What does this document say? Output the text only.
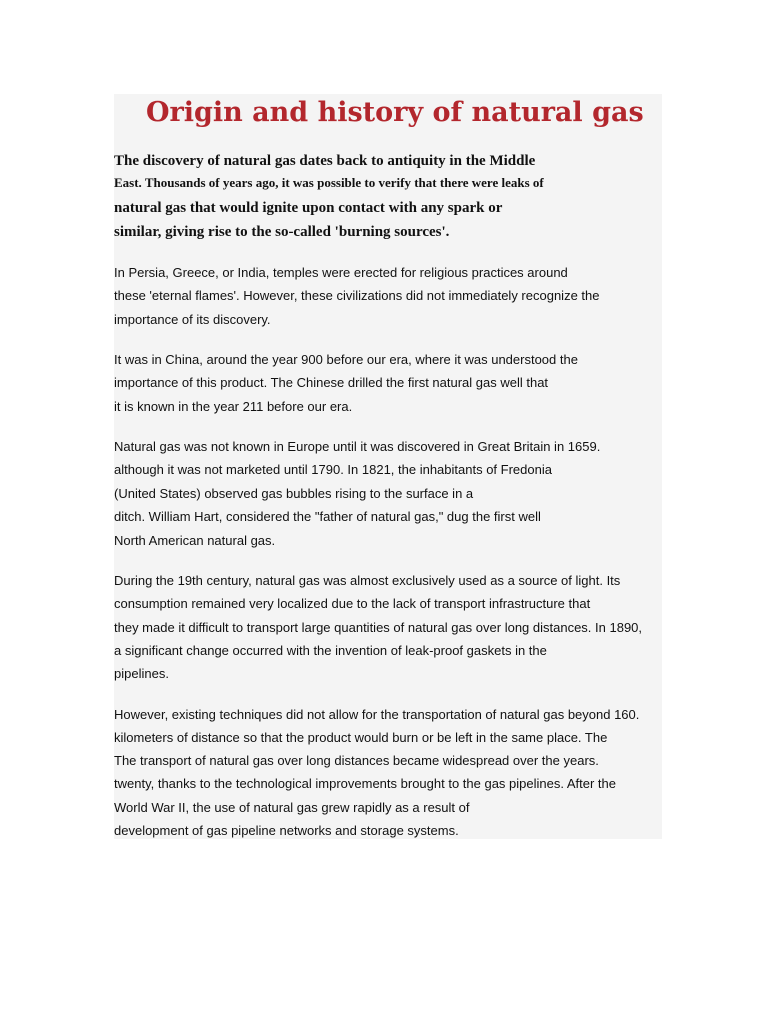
Origin and history of natural gas

The discovery of natural gas dates back to antiquity in the Middle

East. Thousands of years ago, it was possible to verify that there were leaks of

natural gas that would ignite upon contact with any spark or

similar, giving rise to the so-called 'burning sources'.

In Persia, Greece, or India, temples were erected for religious practices around

these 'eternal flames'. However, these civilizations did not immediately recognize the

importance of its discovery.

It was in China, around the year 900 before our era, where it was understood the

importance of this product. The Chinese drilled the first natural gas well that

it is known in the year 211 before our era.

Natural gas was not known in Europe until it was discovered in Great Britain in 1659.

although it was not marketed until 1790. In 1821, the inhabitants of Fredonia

(United States) observed gas bubbles rising to the surface in a

ditch. William Hart, considered the "father of natural gas," dug the first well

North American natural gas.

During the 19th century, natural gas was almost exclusively used as a source of light. Its

consumption remained very localized due to the lack of transport infrastructure that

they made it difficult to transport large quantities of natural gas over long distances. In 1890,

a significant change occurred with the invention of leak-proof gaskets in the

pipelines.

However, existing techniques did not allow for the transportation of natural gas beyond 160.

kilometers of distance so that the product would burn or be left in the same place. The

The transport of natural gas over long distances became widespread over the years.

twenty, thanks to the technological improvements brought to the gas pipelines. After the

World War II, the use of natural gas grew rapidly as a result of

development of gas pipeline networks and storage systems.
